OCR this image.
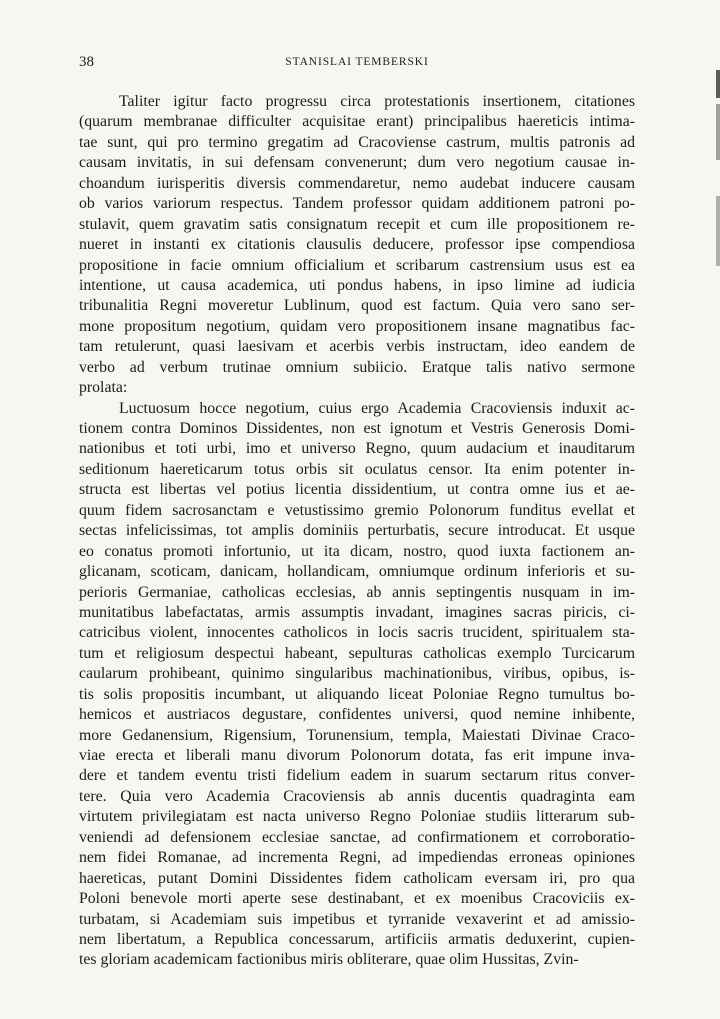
38	STANISLAI TEMBERSKI
Taliter igitur facto progressu circa protestationis insertionem, citationes
(quarum membranae difficulter acquisitae erant) principalibus haereticis intima-
tae sunt, qui pro termino gregatim ad Cracoviense castrum, multis patronis ad
causam invitatis, in sui defensam convenerunt; dum vero negotium causae in-
choandum iurisperitis diversis commendaretur, nemo audebat inducere causam
ob varios variorum respectus. Tandem professor quidam additionem patroni po-
stulavit, quem gravatim satis consignatum recepit et cum ille propositionem re-
nueret in instanti ex citationis clausulis deducere, professor ipse compendiosa
propositione in facie omnium officialium et scribarum castrensium usus est ea
intentione, ut causa academica, uti pondus habens, in ipso limine ad iudicia
tribunalitia Regni moveretur Lublinum, quod est factum. Quia vero sano ser-
mone propositum negotium, quidam vero propositionem insane magnatibus fac-
tam retulerunt, quasi laesivam et acerbis verbis instructam, ideo eandem de
verbo ad verbum trutinae omnium subiicio. Eratque talis nativo sermone
prolata:
Luctuosum hocce negotium, cuius ergo Academia Cracoviensis induxit ac-
tionem contra Dominos Dissidentes, non est ignotum et Vestris Generosis Domi-
nationibus et toti urbi, imo et universo Regno, quum audacium et inauditarum
seditionum haereticarum totus orbis sit oculatus censor. Ita enim potenter in-
structa est libertas vel potius licentia dissidentium, ut contra omne ius et ae-
quum fidem sacrosanctam e vetustissimo gremio Polonorum funditus evellat et
sectas infelicissimas, tot amplis dominiis perturbatis, secure introducat. Et usque
eo conatus promoti infortunio, ut ita dicam, nostro, quod iuxta factionem an-
glicanam, scoticam, danicam, hollandicam, omniumque ordinum inferioris et su-
perioris Germaniae, catholicas ecclesias, ab annis septingentis nusquam in im-
munitatibus labefactatas, armis assumptis invadant, imagines sacras piricis, ci-
catricibus violent, innocentes catholicos in locis sacris trucident, spiritualem sta-
tum et religiosum despectui habeant, sepulturas catholicas exemplo Turcicarum
caularum prohibeant, quinimo singularibus machinationibus, viribus, opibus, is-
tis solis propositis incumbant, ut aliquando liceat Poloniae Regno tumultus bo-
hemicos et austriacos degustare, confidentes universi, quod nemine inhibente,
more Gedanensium, Rigensium, Torunensium, templa, Maiestati Divinae Craco-
viae erecta et liberali manu divorum Polonorum dotata, fas erit impune inva-
dere et tandem eventu tristi fidelium eadem in suarum sectarum ritus conver-
tere. Quia vero Academia Cracoviensis ab annis ducentis quadraginta eam
virtutem privilegiatam est nacta universo Regno Poloniae studiis litterarum sub-
veniendi ad defensionem ecclesiae sanctae, ad confirmationem et corroboratio-
nem fidei Romanae, ad incrementa Regni, ad impediendas erroneas opiniones
haereticas, putant Domini Dissidentes fidem catholicam eversam iri, pro qua
Poloni benevole morti aperte sese destinabant, et ex moenibus Cracoviciis ex-
turbatam, si Academiam suis impetibus et tyrranide vexaverint et ad amissio-
nem libertatum, a Republica concessarum, artificiis armatis deduxerint, cupien-
tes gloriam academicam factionibus miris obliterare, quae olim Hussitas, Zvin-
